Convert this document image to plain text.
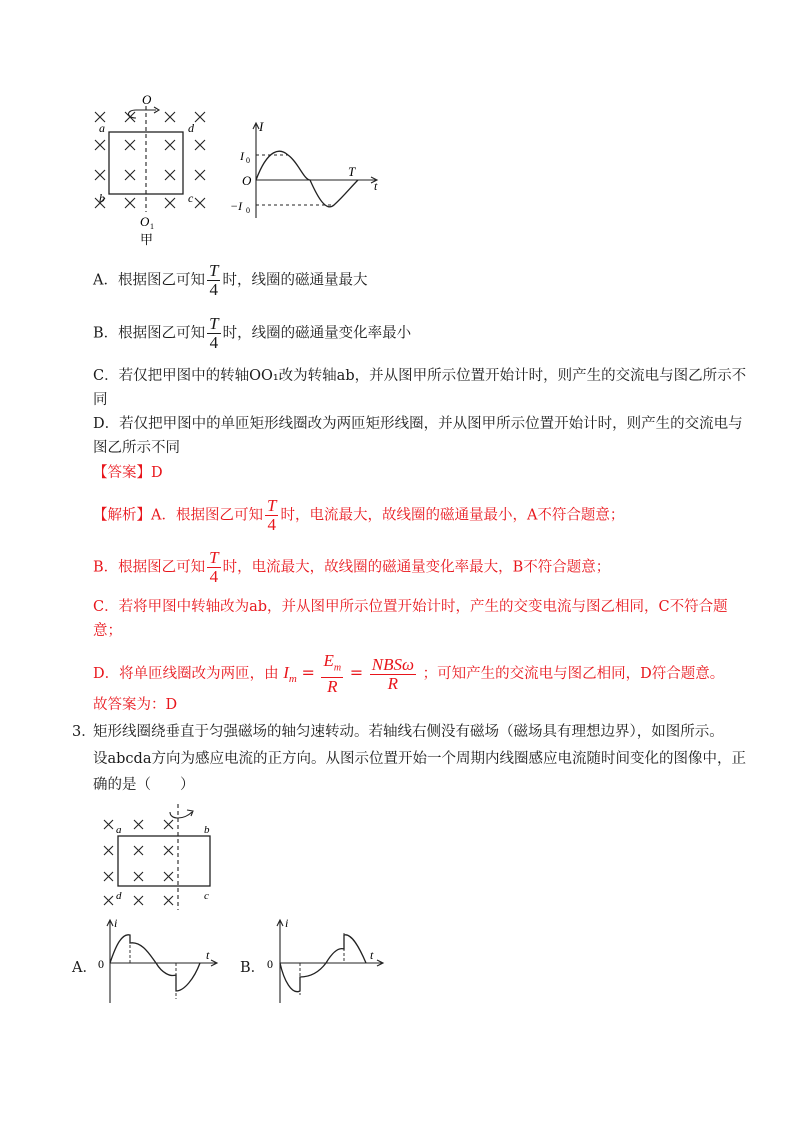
O
a	d
b	c
O 1
甲
I
I 0
O
T
t
−I 0
A．根据图乙可知 $\frac{T}{4}$ 时，线圈的磁通量最大
B．根据图乙可知 $\frac{T}{4}$ 时，线圈的磁通量变化率最小
C．若仅把甲图中的转轴OO₁改为转轴ab，并从图甲所示位置开始计时，则产生的交流电与图乙所示不
同
D．若仅把甲图中的单匝矩形线圈改为两匝矩形线圈，并从图甲所示位置开始计时，则产生的交流电与
图乙所示不同
【答案】D
【解析】A．根据图乙可知 $\frac{T}{4}$ 时，电流最大，故线圈的磁通量最小，A不符合题意；
B．根据图乙可知 $\frac{T}{4}$ 时，电流最大，故线圈的磁通量变化率最大，B不符合题意；
C．若将甲图中转轴改为ab，并从图甲所示位置开始计时，产生的交变电流与图乙相同，C不符合题
意；
D．将单匝线圈改为两匝，由 $I_m = \frac{E_m}{R} = \frac{\text{NBSω}}{R}$ ；可知产生的交流电与图乙相同，D符合题意。
故答案为：D
3．
矩形线圈绕垂直于匀强磁场的轴匀速转动。若轴线右侧没有磁场（磁场具有理想边界），如图所示。
设abcda方向为感应电流的正方向。从图示位置开始一个周期内线圈感应电流随时间变化的图像中，正
确的是（　　）
a	b
d	c
A．
i
t
0	B．
i
t
0
